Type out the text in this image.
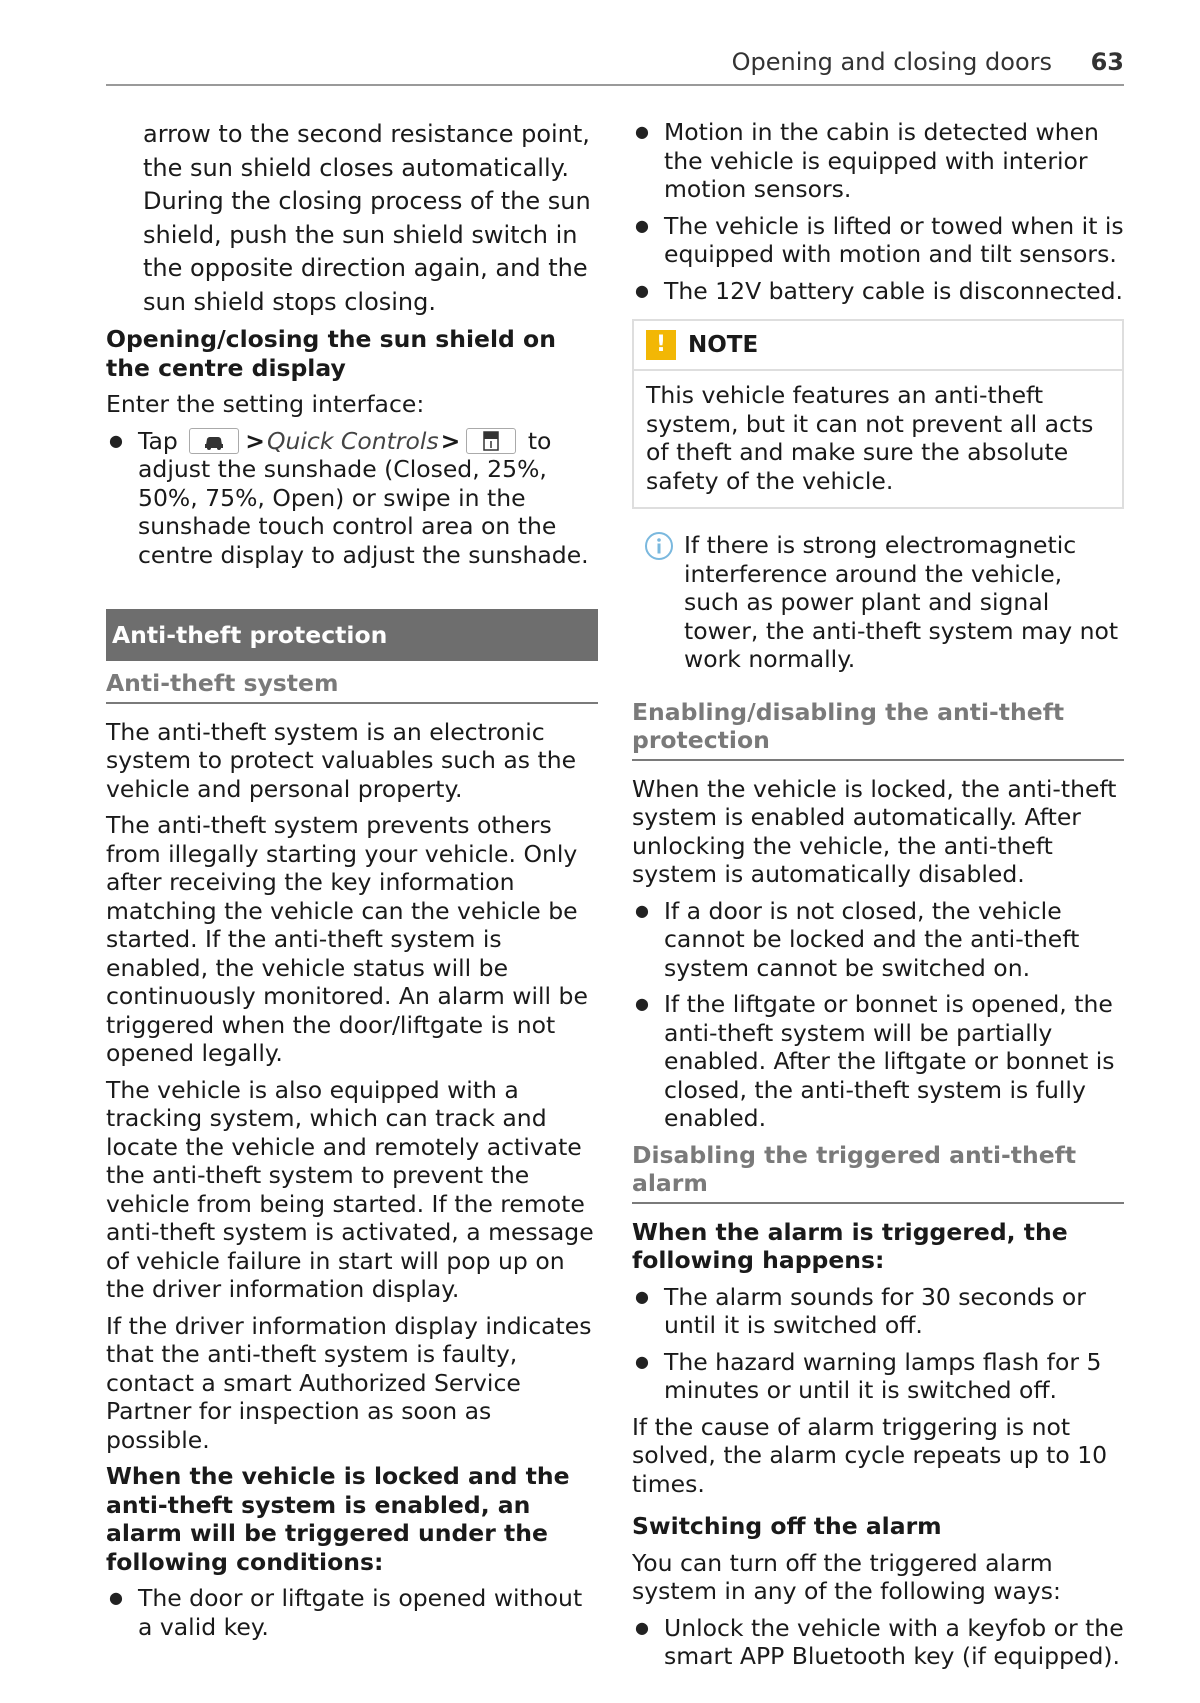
Opening and closing doors 63

arrow to the second resistance point, the sun shield closes automatically. During the closing process of the sun shield, push the sun shield switch in the opposite direction again, and the sun shield stops closing.

Opening/closing the sun shield on the centre display

Enter the setting interface:

● Tap	>Quick Controls>	to adjust the sunshade (Closed, 25%, 50%, 75%, Open) or swipe in the sunshade touch control area on the centre display to adjust the sunshade.
Anti-theft protection
Anti-theft system

The anti-theft system is an electronic system to protect valuables such as the vehicle and personal property.

The anti-theft system prevents others from illegally starting your vehicle. Only after receiving the key information matching the vehicle can the vehicle be started. If the anti-theft system is enabled, the vehicle status will be continuously monitored. An alarm will be triggered when the door/liftgate is not opened legally.

The vehicle is also equipped with a tracking system, which can track and locate the vehicle and remotely activate the anti-theft system to prevent the vehicle from being started. If the remote anti-theft system is activated, a message of vehicle failure in start will pop up on the driver information display.

If the driver information display indicates that the anti-theft system is faulty, contact a smart Authorized Service Partner for inspection as soon as possible.

When the vehicle is locked and the anti-theft system is enabled, an alarm will be triggered under the following conditions:
● The door or liftgate is opened without a valid key.
● Motion in the cabin is detected when the vehicle is equipped with interior motion sensors.
● The vehicle is lifted or towed when it is equipped with motion and tilt sensors.
● The 12V battery cable is disconnected.
! NOTE

This vehicle features an anti-theft system, but it can not prevent all acts of theft and make sure the absolute safety of the vehicle.

If there is strong electromagnetic interference around the vehicle, such as power plant and signal tower, the anti-theft system may not work normally.

Enabling/disabling the anti-theft protection

When the vehicle is locked, the anti-theft system is enabled automatically. After unlocking the vehicle, the anti-theft system is automatically disabled.

● If a door is not closed, the vehicle cannot be locked and the anti-theft system cannot be switched on.
● If the liftgate or bonnet is opened, the anti-theft system will be partially enabled. After the liftgate or bonnet is closed, the anti-theft system is fully enabled.
Disabling the triggered anti-theft alarm
When the alarm is triggered, the following happens:
● The alarm sounds for 30 seconds or until it is switched off.
● The hazard warning lamps flash for 5 minutes or until it is switched off.

If the cause of alarm triggering is not solved, the alarm cycle repeats up to 10 times.

Switching off the alarm

You can turn off the triggered alarm system in any of the following ways:

● Unlock the vehicle with a keyfob or the smart APP Bluetooth key (if equipped).
